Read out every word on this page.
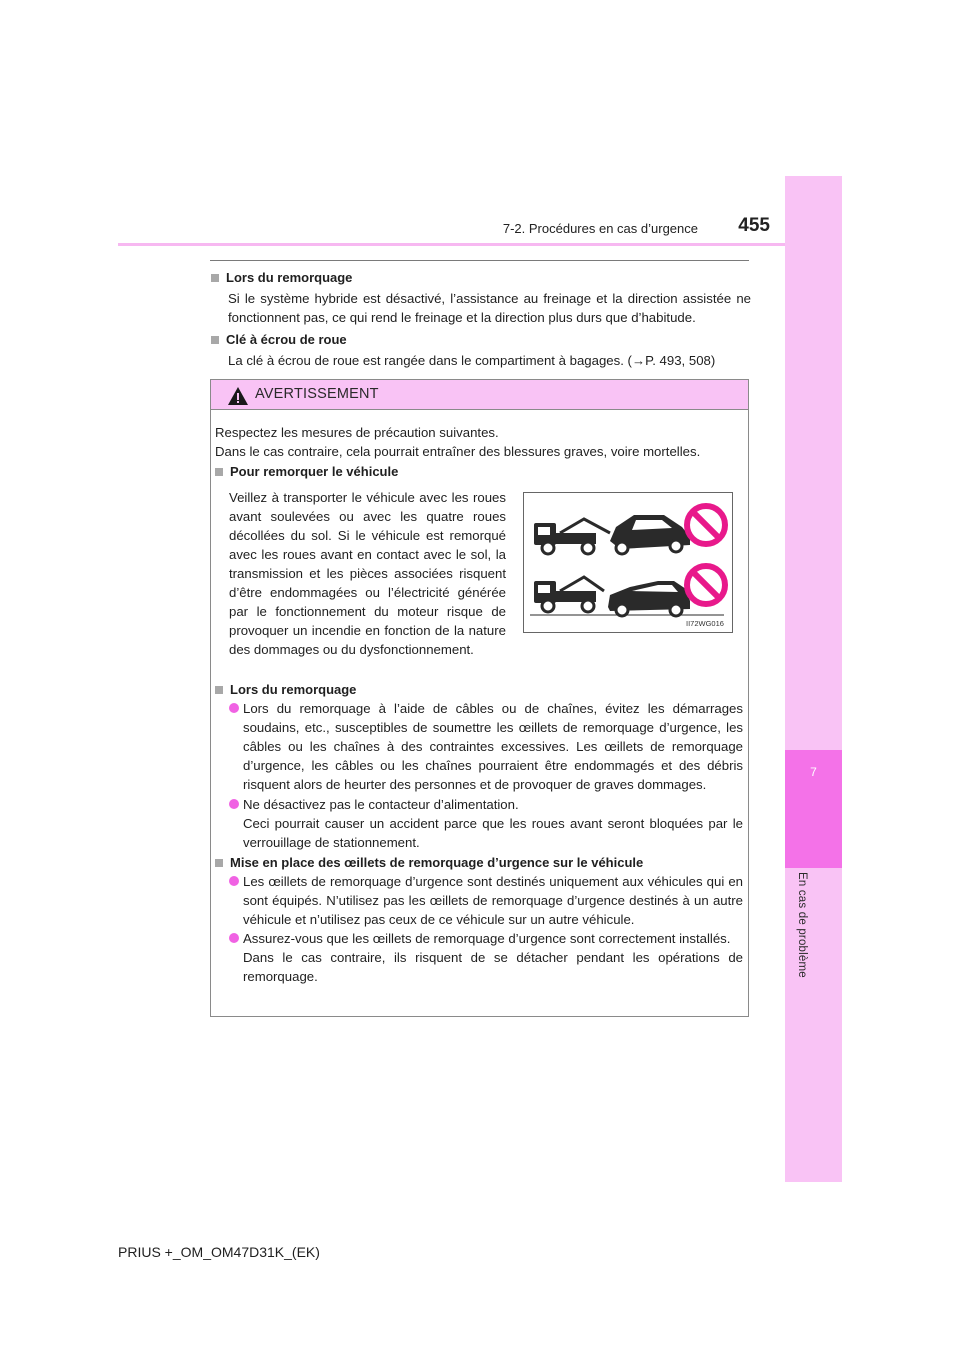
7
En cas de problème
7-2. Procédures en cas d’urgence	455
Lors du remorquage
Si le système hybride est désactivé, l’assistance au freinage et la direction assistée ne fonctionnent pas, ce qui rend le freinage et la direction plus durs que d’habitude.
Clé à écrou de roue
La clé à écrou de roue est rangée dans le compartiment à bagages. (→P. 493, 508)
AVERTISSEMENT
Respectez les mesures de précaution suivantes.
Dans le cas contraire, cela pourrait entraîner des blessures graves, voire mortelles.
Pour remorquer le véhicule
Veillez à transporter le véhicule avec les roues avant soulevées ou avec les quatre roues décollées du sol. Si le véhicule est remorqué avec les roues avant en contact avec le sol, la transmission et les pièces associées risquent d’être endommagées ou l’électricité générée par le fonctionnement du moteur risque de provoquer un incendie en fonction de la nature des dommages ou du dysfonctionnement.
II72WG016
Lors du remorquage
Lors du remorquage à l’aide de câbles ou de chaînes, évitez les démarrages soudains, etc., susceptibles de soumettre les œillets de remorquage d’urgence, les câbles ou les chaînes à des contraintes excessives. Les œillets de remorquage d’urgence, les câbles ou les chaînes pourraient être endommagés et des débris risquent alors de heurter des personnes et de provoquer de graves dommages.
Ne désactivez pas le contacteur d’alimentation.
Ceci pourrait causer un accident parce que les roues avant seront bloquées par le verrouillage de stationnement.
Mise en place des œillets de remorquage d’urgence sur le véhicule
Les œillets de remorquage d’urgence sont destinés uniquement aux véhicules qui en sont équipés. N’utilisez pas les œillets de remorquage d’urgence destinés à un autre véhicule et n’utilisez pas ceux de ce véhicule sur un autre véhicule.
Assurez-vous que les œillets de remorquage d’urgence sont correctement installés.
Dans le cas contraire, ils risquent de se détacher pendant les opérations de remorquage.
PRIUS +_OM_OM47D31K_(EK)
